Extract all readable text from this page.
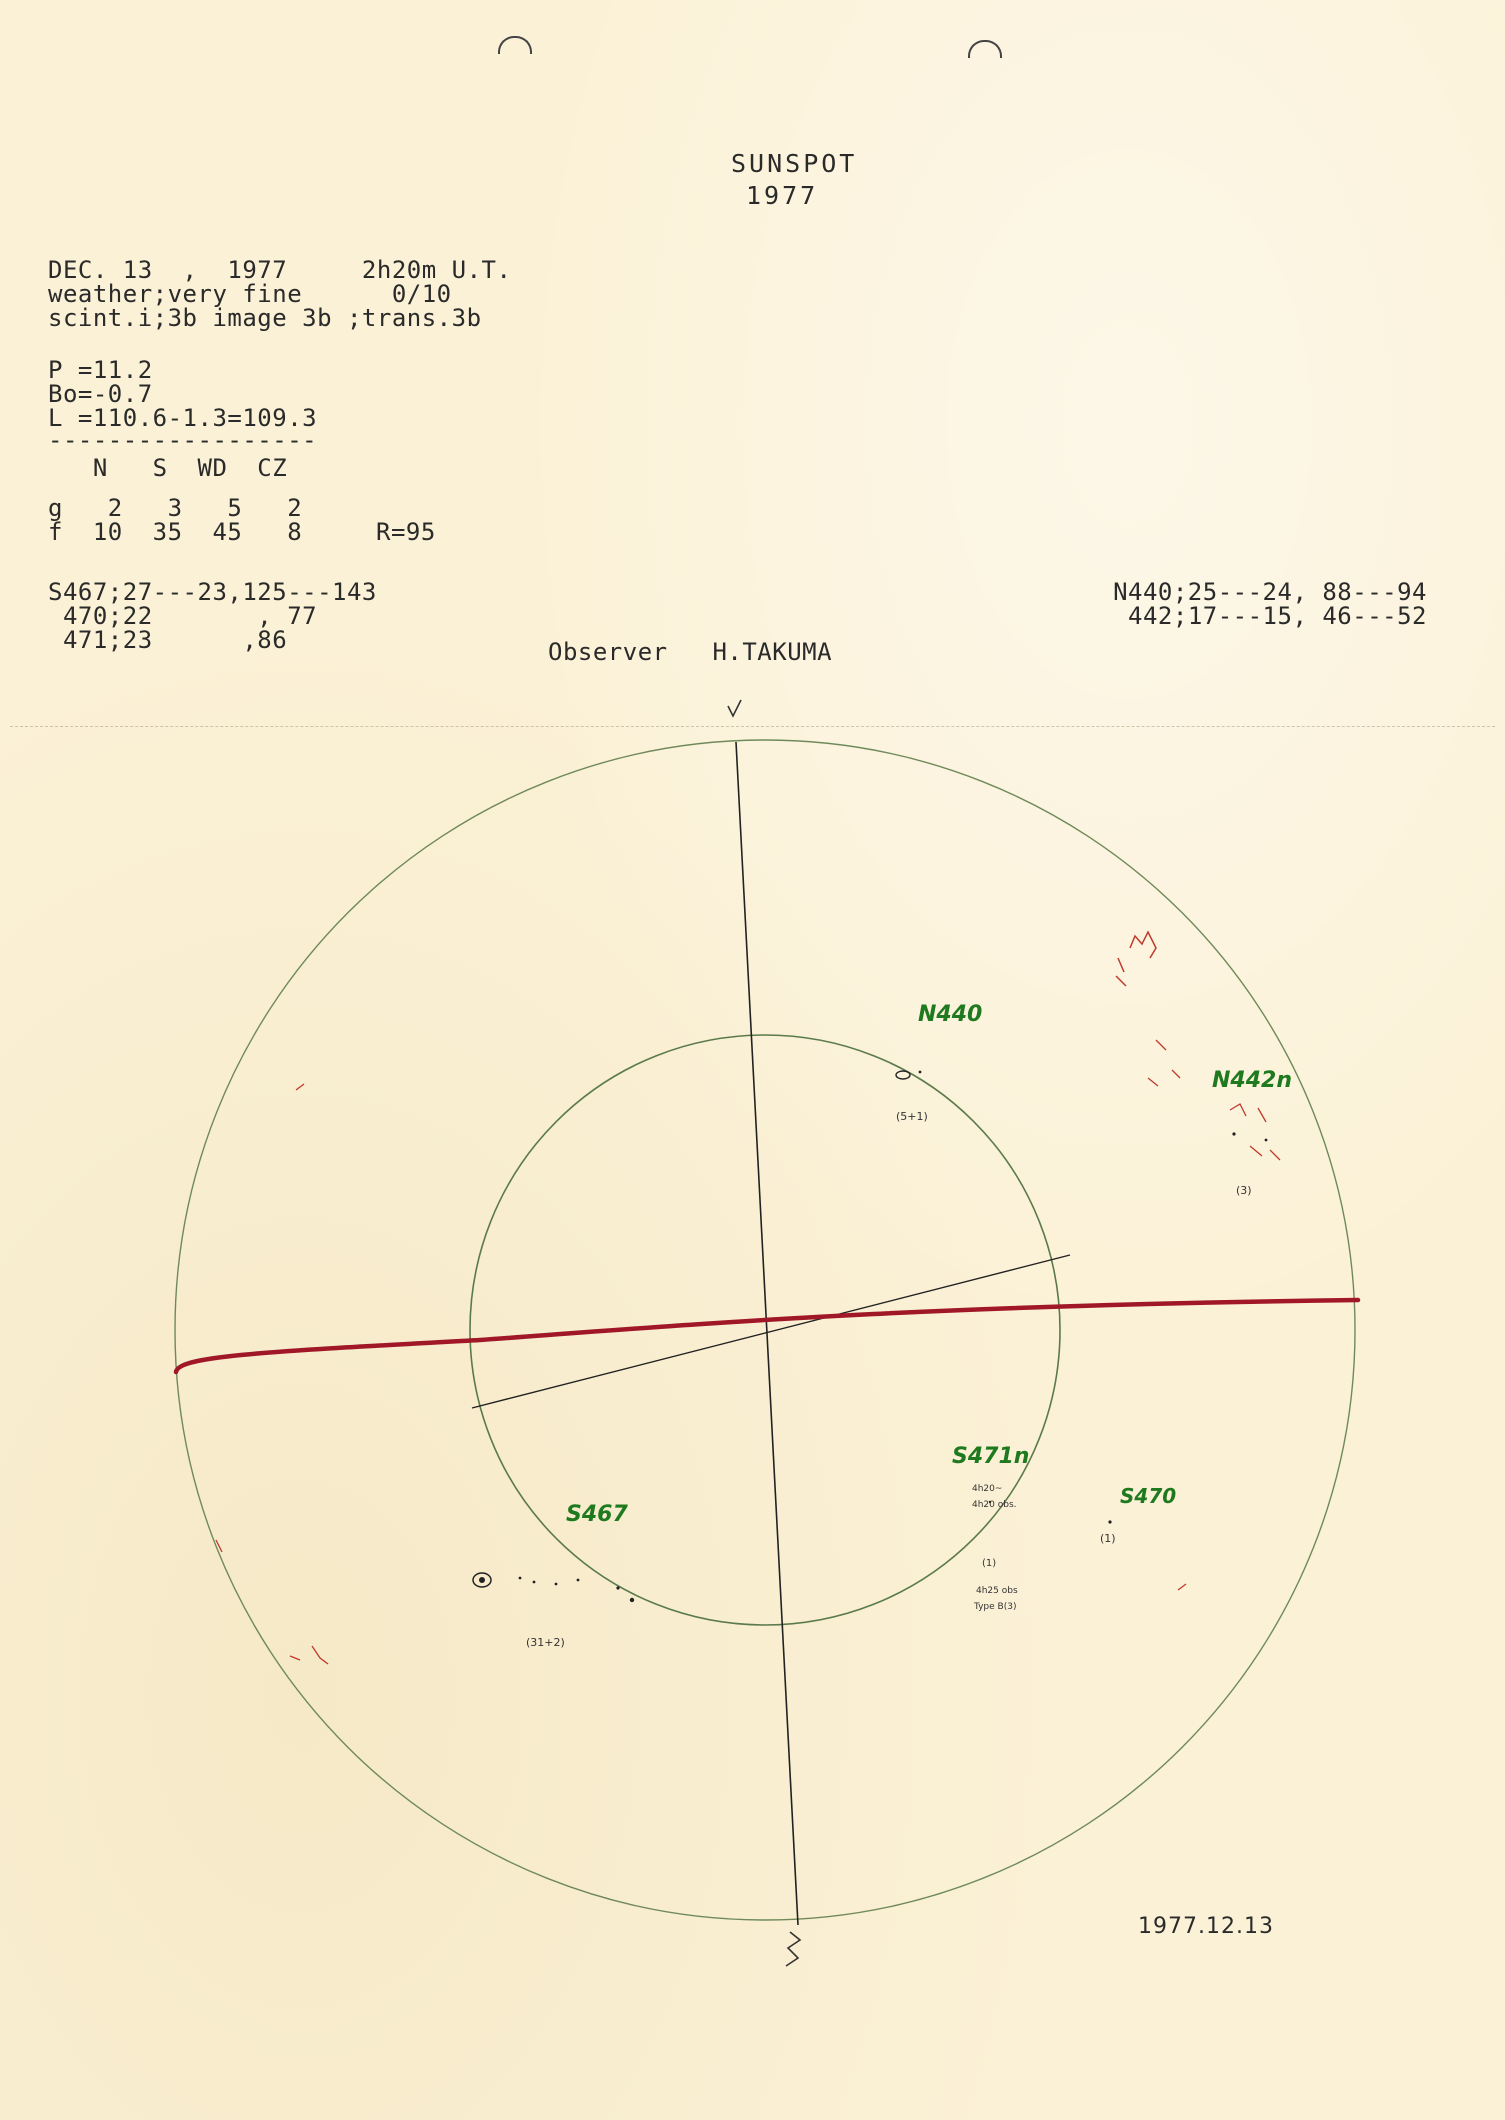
SUNSPOT
1977
DEC. 13  ,  1977     2h20m U.T.
weather;very fine      0/10
scint.i;3b image 3b ;trans.3b
P =11.2
Bo=-0.7
L =110.6-1.3=109.3
------------------
N   S  WD  CZ
g   2   3   5   2
f  10  35  45   8	R=95
S467;27---23,125---143
470;22       , 77
471;23      ,86
N440;25---24, 88---94
442;17---15, 46---52
Observer   H.TAKUMA
N440
N442n
S467
S470
S471n
(5+1)
(3)
(31+2)
(1)
(1)
4h20~
4h20 obs.
4h25 obs
Type B(3)
1977.12.13
